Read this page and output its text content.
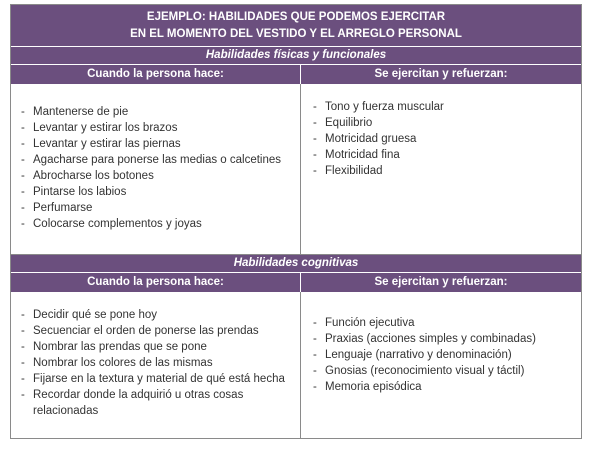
EJEMPLO: HABILIDADES QUE PODEMOS EJERCITAR
EN EL MOMENTO DEL VESTIDO Y EL ARREGLO PERSONAL
Habilidades físicas y funcionales
Cuando la persona hace:	Se ejercitan y refuerzan:
- Mantenerse de pie
- Levantar y estirar los brazos
- Levantar y estirar las piernas
- Agacharse para ponerse las medias o calcetines
- Abrocharse los botones
- Pintarse los labios
- Perfumarse
- Colocarse complementos y joyas
- Tono y fuerza muscular
- Equilibrio
- Motricidad gruesa
- Motricidad fina
- Flexibilidad
Habilidades cognitivas
Cuando la persona hace:	Se ejercitan y refuerzan:
- Decidir qué se pone hoy
- Secuenciar el orden de ponerse las prendas
- Nombrar las prendas que se pone
- Nombrar los colores de las mismas
- Fijarse en la textura y material de qué está hecha
- Recordar donde la adquirió u otras cosas relacionadas
- Función ejecutiva
- Praxias (acciones simples y combinadas)
- Lenguaje (narrativo y denominación)
- Gnosias (reconocimiento visual y táctil)
- Memoria episódica
